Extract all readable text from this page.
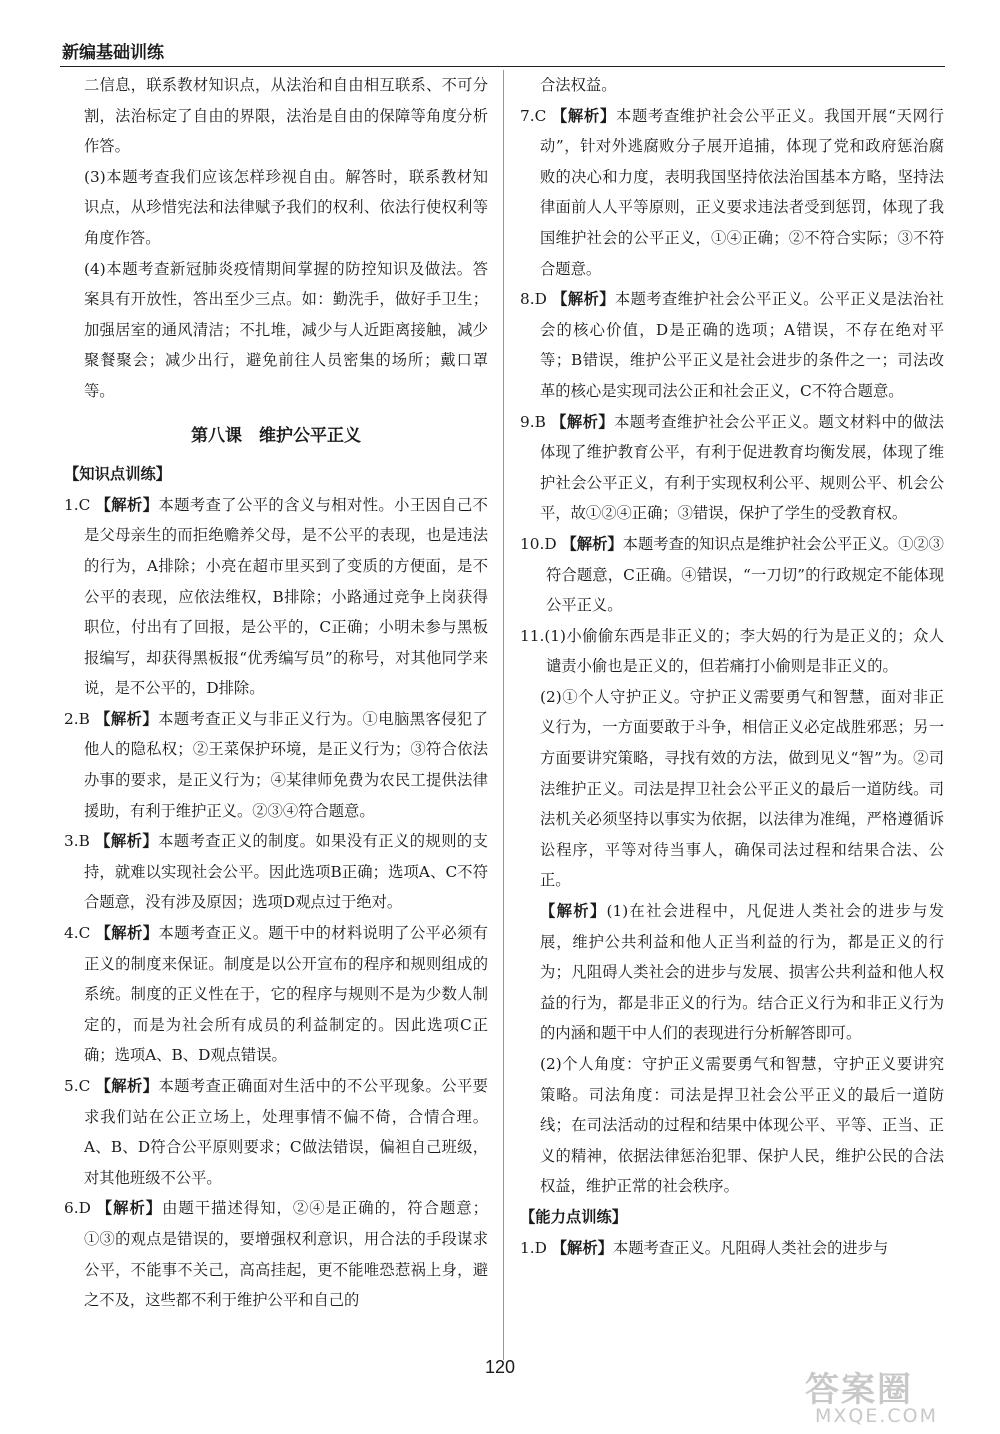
新编基础训练

二信息，联系教材知识点，从法治和自由相互联系、不可分割，法治标定了自由的界限，法治是自由的保障等角度分析作答。

(3)本题考查我们应该怎样珍视自由。解答时，联系教材知识点，从珍惜宪法和法律赋予我们的权利、依法行使权利等角度作答。

(4)本题考查新冠肺炎疫情期间掌握的防控知识及做法。答案具有开放性，答出至少三点。如：勤洗手，做好手卫生；加强居室的通风清洁；不扎堆，减少与人近距离接触，减少聚餐聚会；减少出行，避免前往人员密集的场所；戴口罩等。

第八课　维护公平正义

【知识点训练】

1.C 【解析】本题考查了公平的含义与相对性。小王因自己不是父母亲生的而拒绝赡养父母，是不公平的表现，也是违法的行为，A排除；小亮在超市里买到了变质的方便面，是不公平的表现，应依法维权，B排除；小路通过竞争上岗获得职位，付出有了回报，是公平的，C正确；小明未参与黑板报编写，却获得黑板报“优秀编写员”的称号，对其他同学来说，是不公平的，D排除。

2.B 【解析】本题考查正义与非正义行为。①电脑黑客侵犯了他人的隐私权；②王菜保护环境，是正义行为；③符合依法办事的要求，是正义行为；④某律师免费为农民工提供法律援助，有利于维护正义。②③④符合题意。

3.B 【解析】本题考查正义的制度。如果没有正义的规则的支持，就难以实现社会公平。因此选项B正确；选项A、C不符合题意，没有涉及原因；选项D观点过于绝对。

4.C 【解析】本题考查正义。题干中的材料说明了公平必须有正义的制度来保证。制度是以公开宣布的程序和规则组成的系统。制度的正义性在于，它的程序与规则不是为少数人制定的，而是为社会所有成员的利益制定的。因此选项C正确；选项A、B、D观点错误。

5.C 【解析】本题考查正确面对生活中的不公平现象。公平要求我们站在公正立场上，处理事情不偏不倚，合情合理。A、B、D符合公平原则要求；C做法错误，偏袒自己班级，对其他班级不公平。

6.D 【解析】由题干描述得知，②④是正确的，符合题意；①③的观点是错误的，要增强权利意识，用合法的手段谋求公平，不能事不关己，高高挂起，更不能唯恐惹祸上身，避之不及，这些都不利于维护公平和自己的

合法权益。

7.C 【解析】本题考查维护社会公平正义。我国开展“天网行动”，针对外逃腐败分子展开追捕，体现了党和政府惩治腐败的决心和力度，表明我国坚持依法治国基本方略，坚持法律面前人人平等原则，正义要求违法者受到惩罚，体现了我国维护社会的公平正义，①④正确；②不符合实际；③不符合题意。

8.D 【解析】本题考查维护社会公平正义。公平正义是法治社会的核心价值，D是正确的选项；A错误，不存在绝对平等；B错误，维护公平正义是社会进步的条件之一；司法改革的核心是实现司法公正和社会正义，C不符合题意。

9.B 【解析】本题考查维护社会公平正义。题文材料中的做法体现了维护教育公平，有利于促进教育均衡发展，体现了维护社会公平正义，有利于实现权利公平、规则公平、机会公平，故①②④正确；③错误，保护了学生的受教育权。

10.D 【解析】本题考查的知识点是维护社会公平正义。①②③符合题意，C正确。④错误，“一刀切”的行政规定不能体现公平正义。

11.(1)小偷偷东西是非正义的；李大妈的行为是正义的；众人谴责小偷也是正义的，但若痛打小偷则是非正义的。

(2)①个人守护正义。守护正义需要勇气和智慧，面对非正义行为，一方面要敢于斗争，相信正义必定战胜邪恶；另一方面要讲究策略，寻找有效的方法，做到见义“智”为。②司法维护正义。司法是捍卫社会公平正义的最后一道防线。司法机关必须坚持以事实为依据，以法律为准绳，严格遵循诉讼程序，平等对待当事人，确保司法过程和结果合法、公正。

【解析】(1)在社会进程中，凡促进人类社会的进步与发展，维护公共利益和他人正当利益的行为，都是正义的行为；凡阻碍人类社会的进步与发展、损害公共利益和他人权益的行为，都是非正义的行为。结合正义行为和非正义行为的内涵和题干中人们的表现进行分析解答即可。

(2)个人角度：守护正义需要勇气和智慧，守护正义要讲究策略。司法角度：司法是捍卫社会公平正义的最后一道防线；在司法活动的过程和结果中体现公平、平等、正当、正义的精神，依据法律惩治犯罪、保护人民，维护公民的合法权益，维护正常的社会秩序。

【能力点训练】

1.D 【解析】本题考查正义。凡阻碍人类社会的进步与

120
答案圈
MXQE.COM
